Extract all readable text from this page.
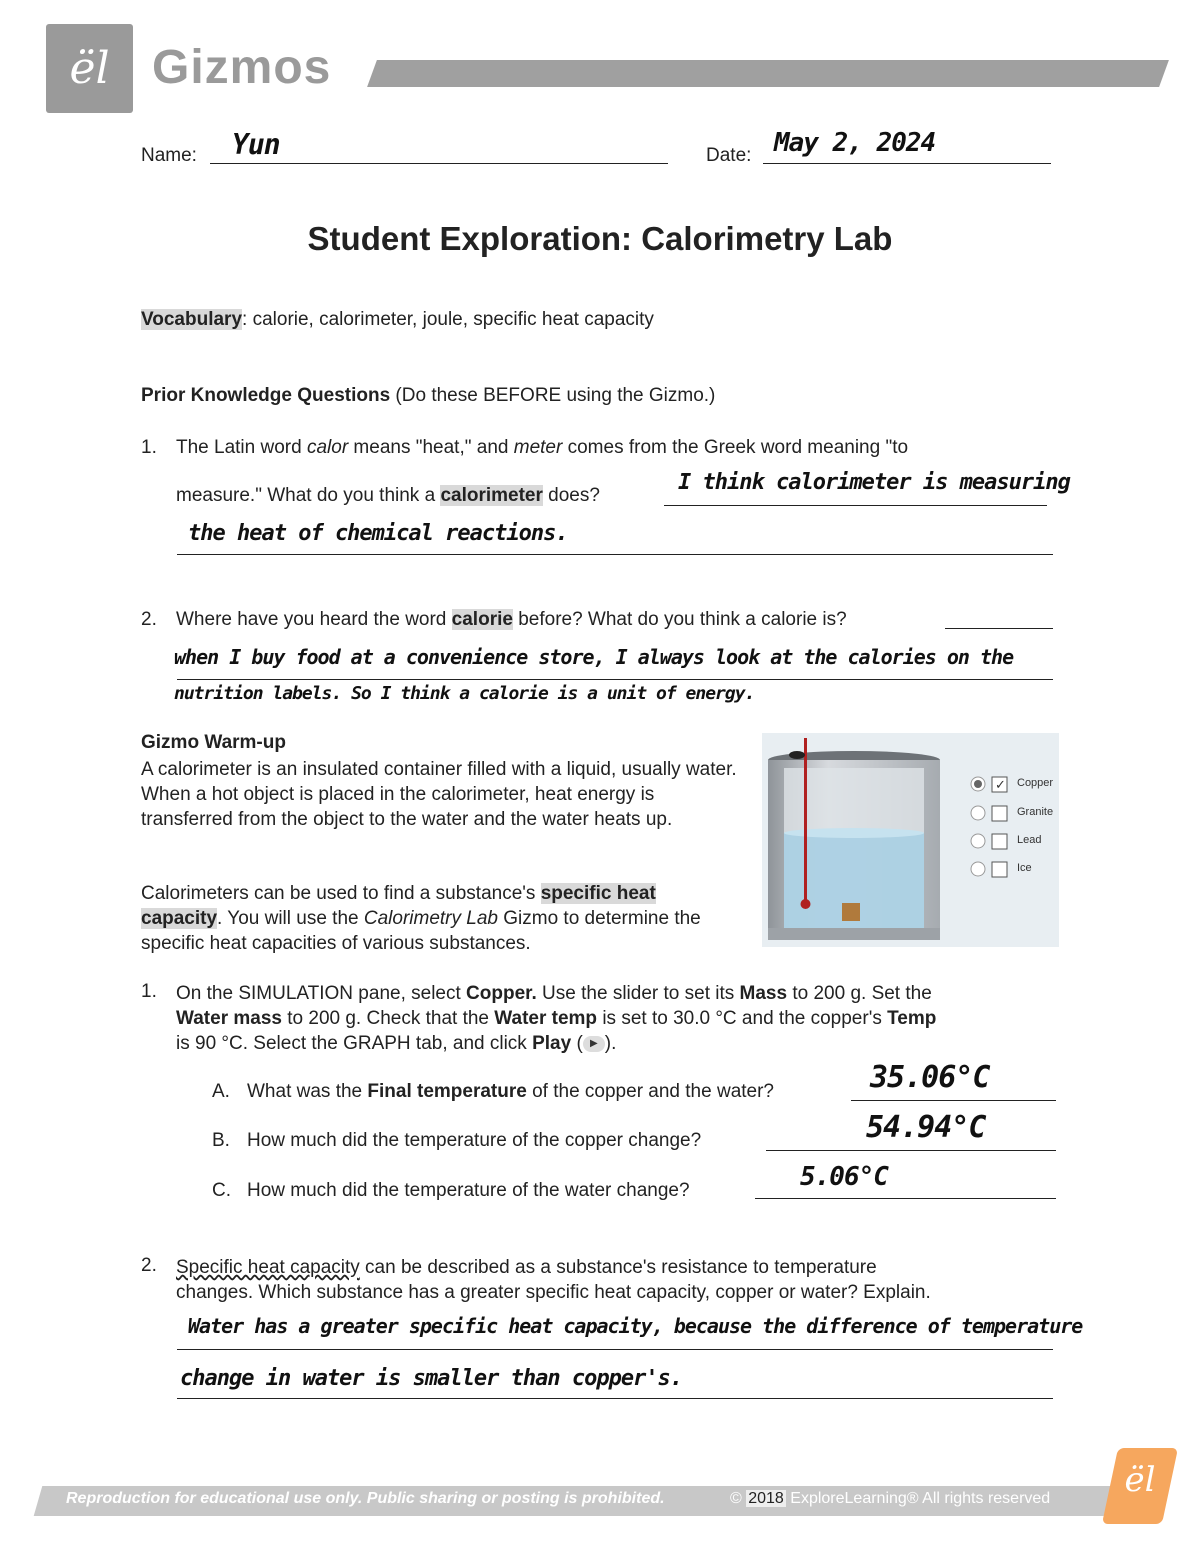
ël Gizmos
Name: Yun	Date: May 2, 2024
Student Exploration: Calorimetry Lab
Vocabulary: calorie, calorimeter, joule, specific heat capacity
Prior Knowledge Questions (Do these BEFORE using the Gizmo.)
1. The Latin word calor means "heat," and meter comes from the Greek word meaning "to
measure." What do you think a calorimeter does?
I think calorimeter is measuring
the heat of chemical reactions.
2. Where have you heard the word calorie before? What do you think a calorie is?
when I buy food at a convenience store, I always look at the calories on the
nutrition labels. So I think a calorie is a unit of energy.
Gizmo Warm-up
A calorimeter is an insulated container filled with a liquid, usually water. When a hot object is placed in the calorimeter, heat energy is transferred from the object to the water and the water heats up.
Calorimeters can be used to find a substance's specific heat capacity. You will use the Calorimetry Lab Gizmo to determine the specific heat capacities of various substances.
✓ Copper
Granite
Lead
Ice
1. On the SIMULATION pane, select Copper. Use the slider to set its Mass to 200 g. Set the
Water mass to 200 g. Check that the Water temp is set to 30.0 °C and the copper's Temp
is 90 °C. Select the GRAPH tab, and click Play ( ▶ ).
A. What was the Final temperature of the copper and the water?	35.06°C
B. How much did the temperature of the copper change?	54.94°C
C. How much did the temperature of the water change?	5.06°C
2. Specific heat capacity can be described as a substance's resistance to temperature
changes. Which substance has a greater specific heat capacity, copper or water? Explain.
Water has a greater specific heat capacity, because the difference of temperature
change in water is smaller than copper's.
Reproduction for educational use only. Public sharing or posting is prohibited.	© 2018 ExploreLearning® All rights reserved	ël
